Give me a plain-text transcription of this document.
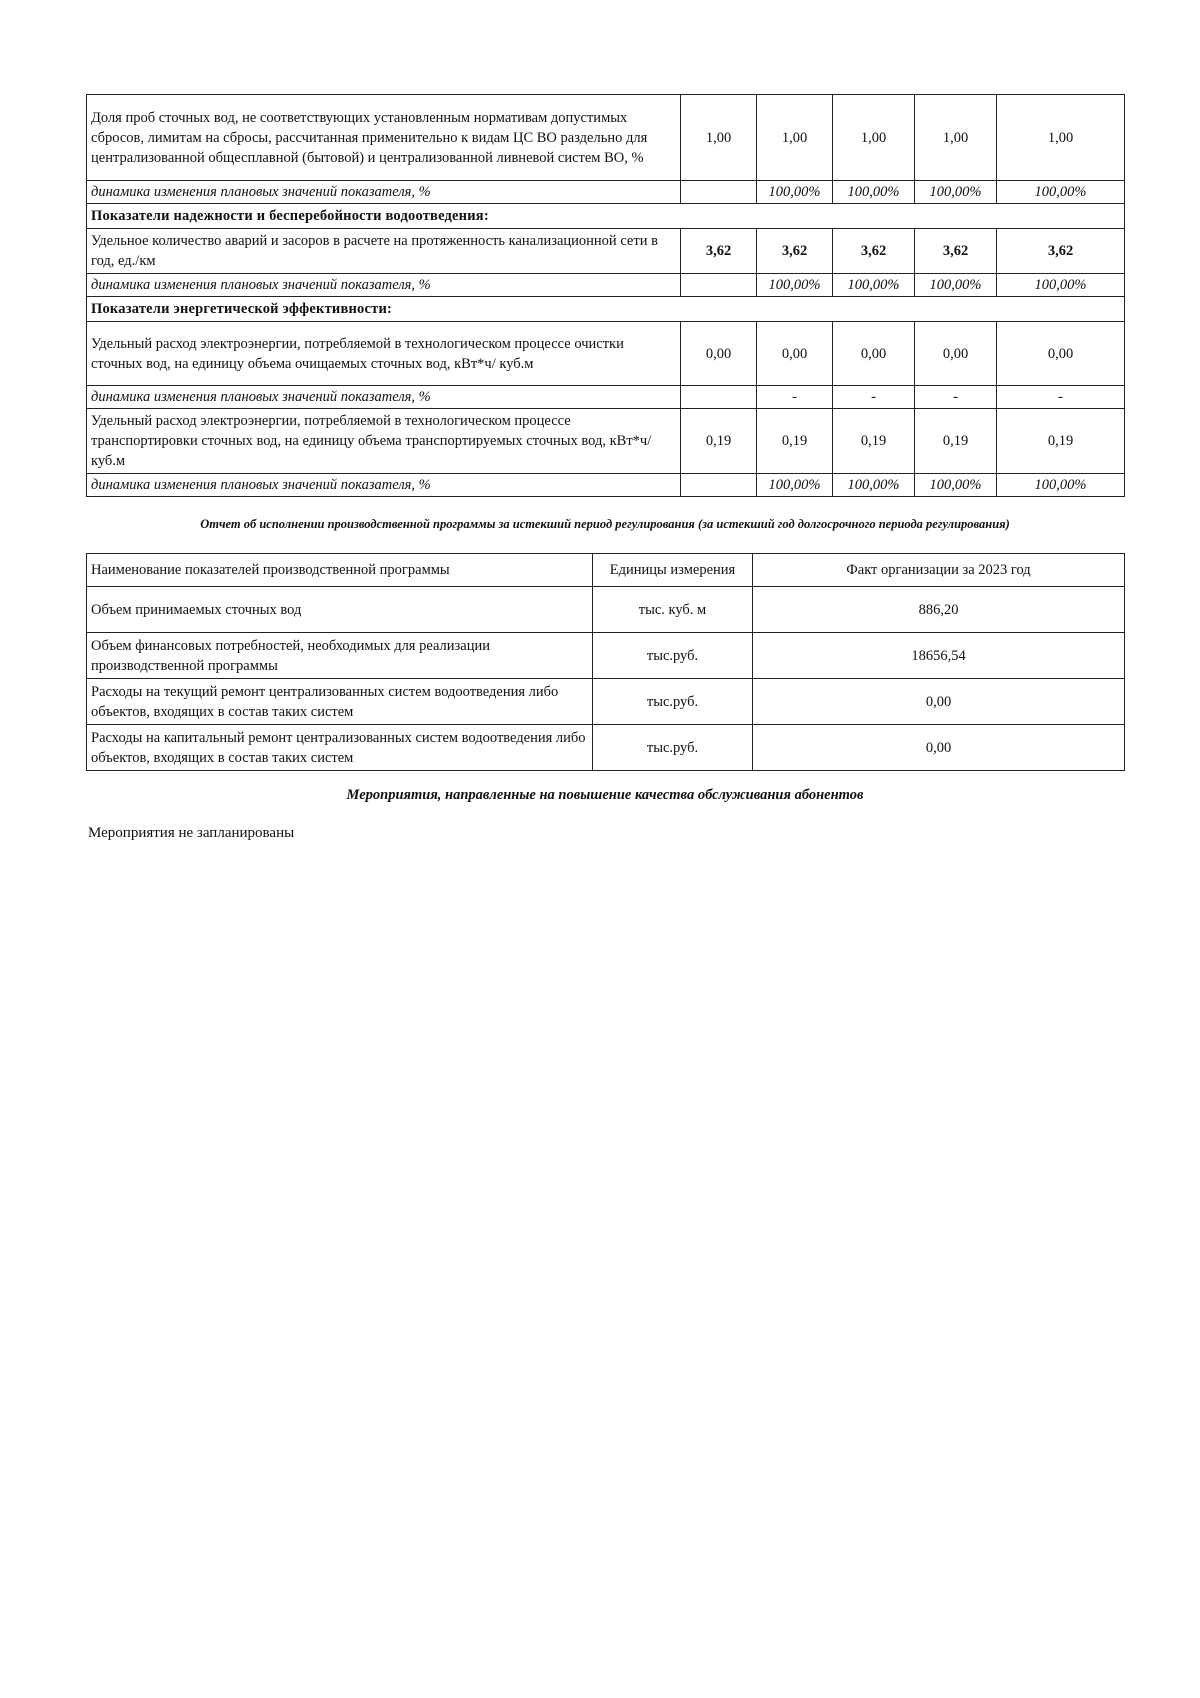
Доля проб сточных вод, не соответствующих установленным нормативам допустимых сбросов, лимитам на сбросы, рассчитанная применительно к видам ЦС ВО раздельно для централизованной общесплавной (бытовой) и централизованной ливневой систем ВО, %	1,00	1,00	1,00	1,00	1,00
динамика изменения плановых значений показателя, %		100,00%	100,00%	100,00%	100,00%
Показатели надежности и бесперебойности водоотведения:					
Удельное количество аварий и засоров в расчете на протяженность канализационной сети в год, ед./км	3,62	3,62	3,62	3,62	3,62
динамика изменения плановых значений показателя, %		100,00%	100,00%	100,00%	100,00%
Показатели энергетической эффективности:					
Удельный расход электроэнергии, потребляемой в технологическом процессе очистки сточных вод, на единицу объема очищаемых сточных вод, кВт*ч/ куб.м	0,00	0,00	0,00	0,00	0,00
динамика изменения плановых значений показателя, %		-	-	-	-
Удельный расход электроэнергии, потребляемой в технологическом процессе транспортировки сточных вод, на единицу объема транспортируемых сточных вод, кВт*ч/ куб.м	0,19	0,19	0,19	0,19	0,19
динамика изменения плановых значений показателя, %		100,00%	100,00%	100,00%	100,00%
Отчет об исполнении производственной программы за истекший период регулирования (за истекший год долгосрочного периода регулирования)
Наименование показателей производственной программы	Единицы измерения	Факт организации за 2023 год
Объем принимаемых сточных вод	тыс. куб. м	886,20
Объем финансовых потребностей, необходимых для реализации производственной программы	тыс.руб.	18656,54
Расходы на текущий ремонт централизованных систем водоотведения либо объектов, входящих в состав таких систем	тыс.руб.	0,00
Расходы на капитальный ремонт централизованных систем водоотведения либо объектов, входящих в состав таких систем	тыс.руб.	0,00
Мероприятия, направленные на повышение качества обслуживания абонентов
Мероприятия не запланированы
